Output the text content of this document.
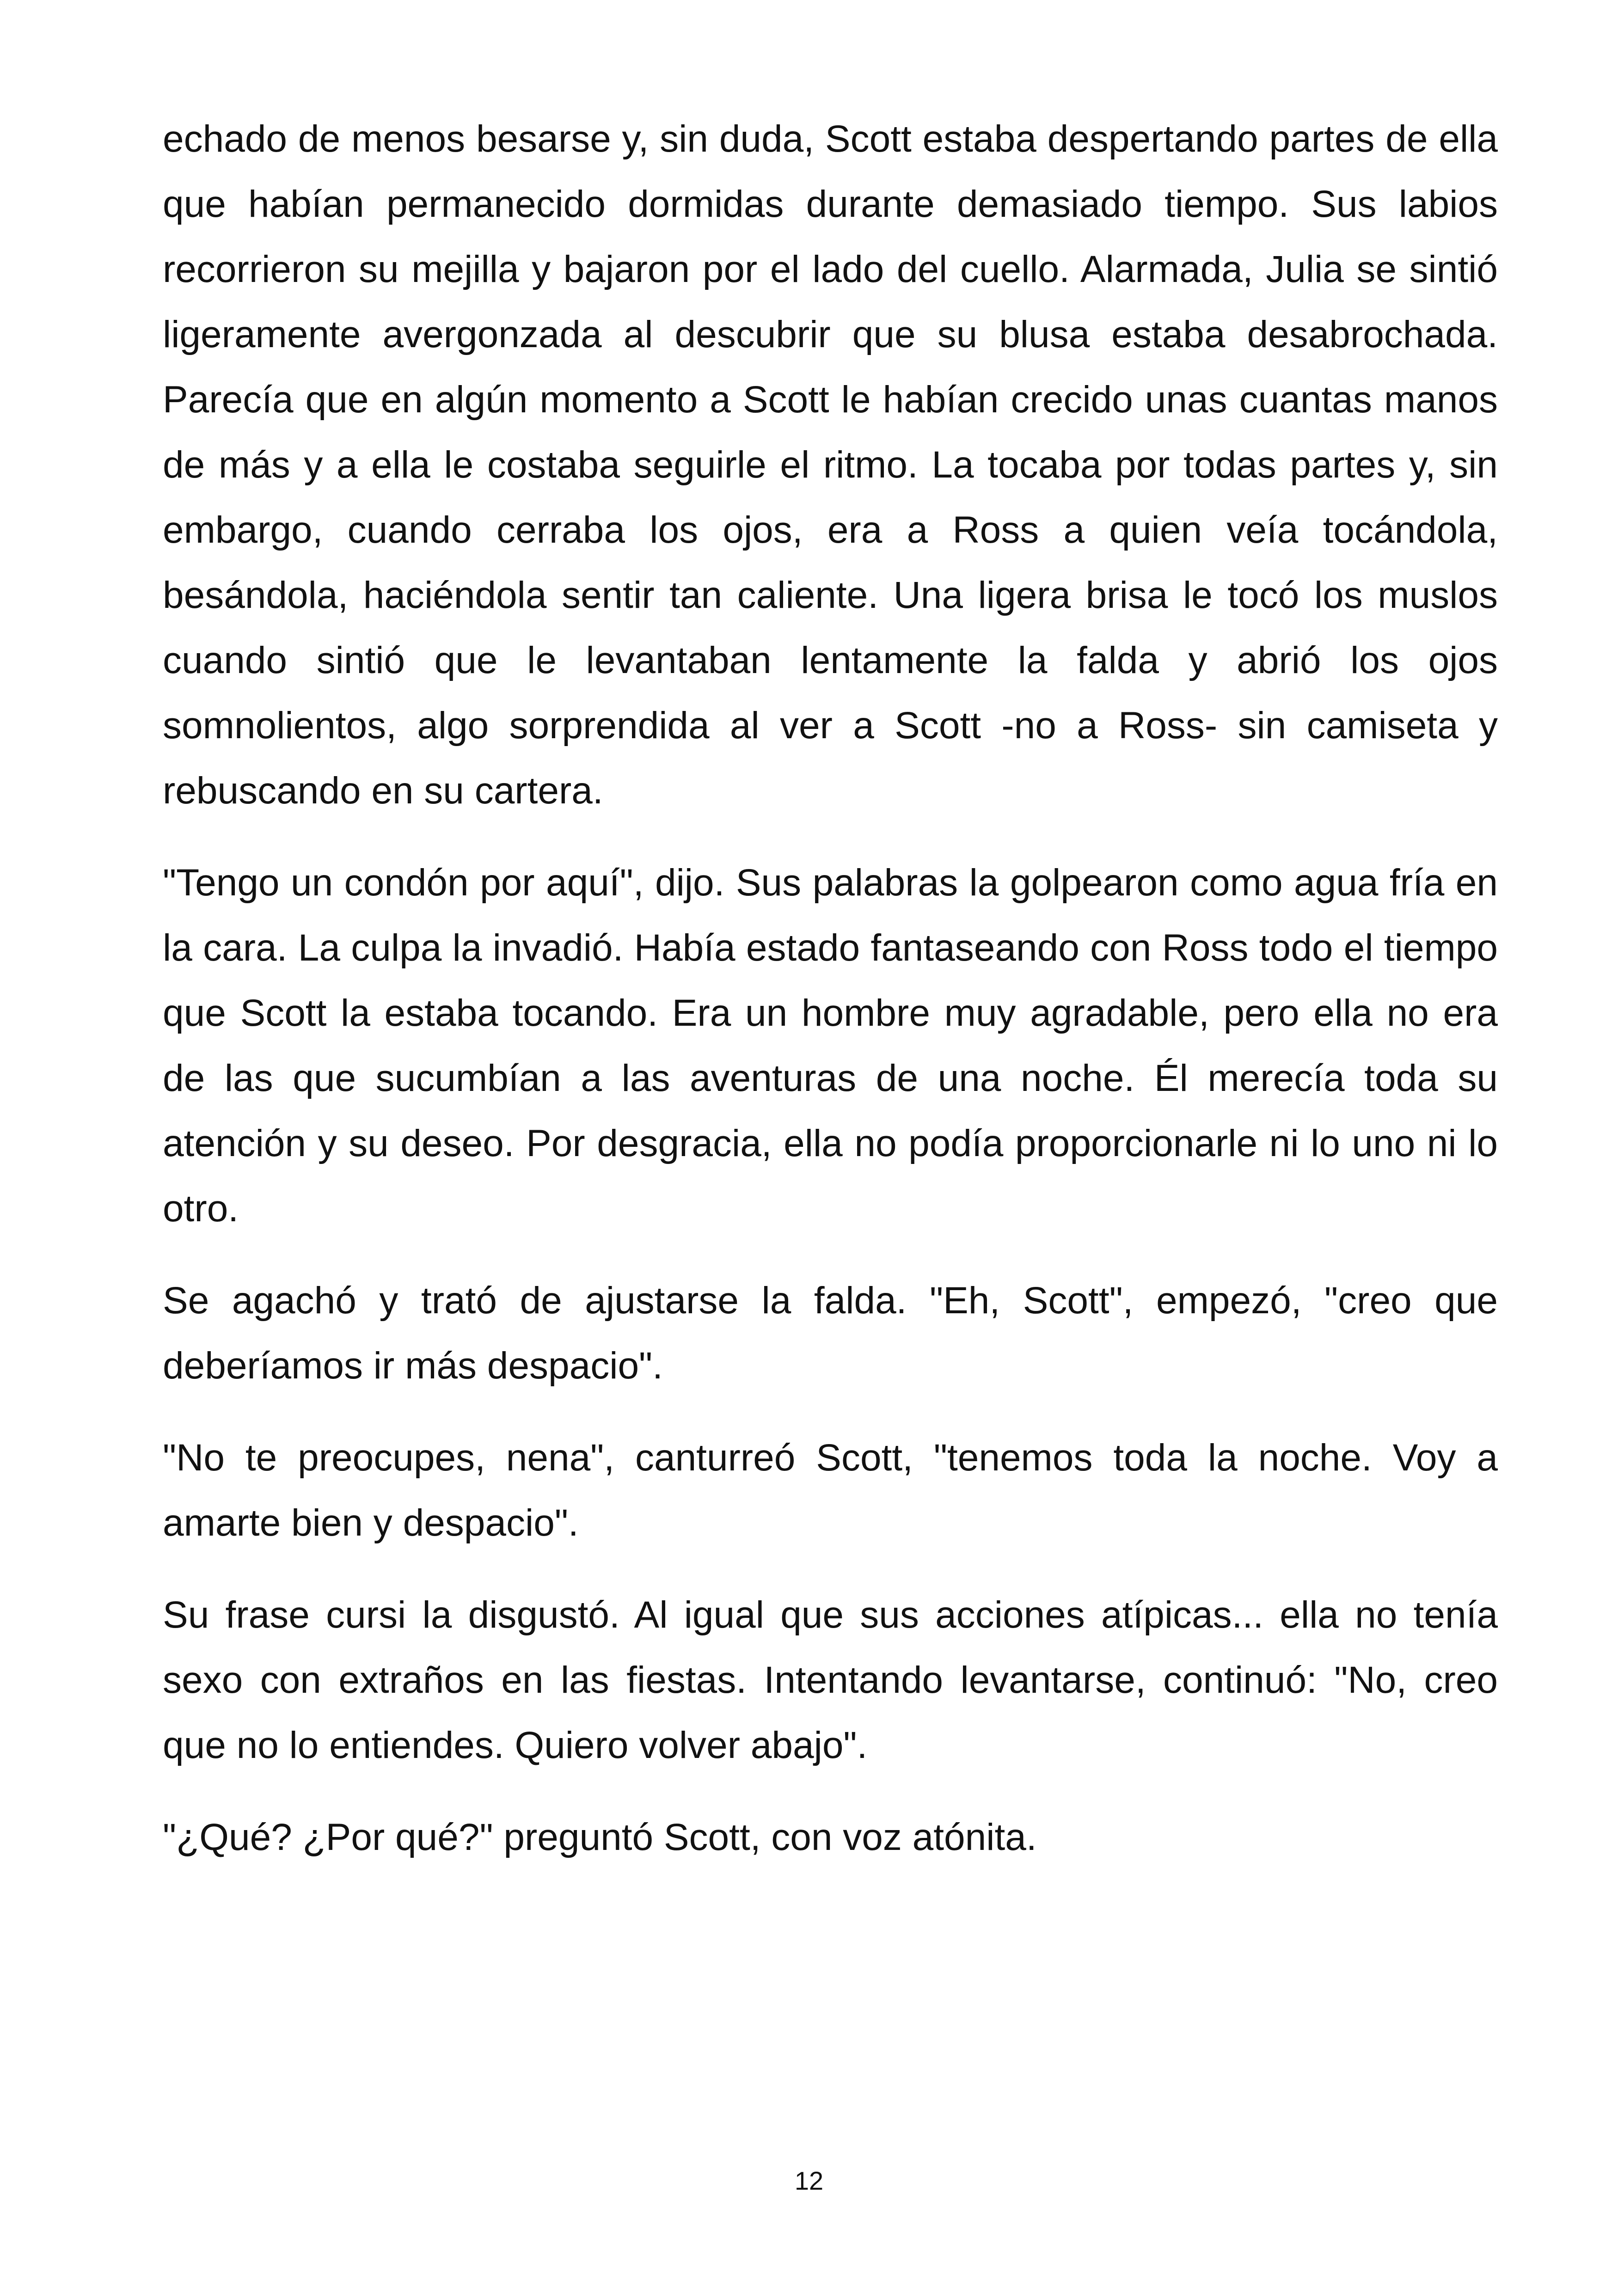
echado de menos besarse y, sin duda, Scott estaba despertando partes de ella que habían permanecido dormidas durante demasiado tiempo. Sus labios recorrieron su mejilla y bajaron por el lado del cuello. Alarmada, Julia se sintió ligeramente avergonzada al descubrir que su blusa estaba desabrochada. Parecía que en algún momento a Scott le habían crecido unas cuantas manos de más y a ella le costaba seguirle el ritmo. La tocaba por todas partes y, sin embargo, cuando cerraba los ojos, era a Ross a quien veía tocándola, besándola, haciéndola sentir tan caliente. Una ligera brisa le tocó los muslos cuando sintió que le levantaban lentamente la falda y abrió los ojos somnolientos, algo sorprendida al ver a Scott -no a Ross- sin camiseta y rebuscando en su cartera.

"Tengo un condón por aquí", dijo. Sus palabras la golpearon como agua fría en la cara. La culpa la invadió. Había estado fantaseando con Ross todo el tiempo que Scott la estaba tocando. Era un hombre muy agradable, pero ella no era de las que sucumbían a las aventuras de una noche. Él merecía toda su atención y su deseo. Por desgracia, ella no podía proporcionarle ni lo uno ni lo otro.

Se agachó y trató de ajustarse la falda. "Eh, Scott", empezó, "creo que deberíamos ir más despacio".

"No te preocupes, nena", canturreó Scott, "tenemos toda la noche. Voy a amarte bien y despacio".

Su frase cursi la disgustó. Al igual que sus acciones atípicas... ella no tenía sexo con extraños en las fiestas. Intentando levantarse, continuó: "No, creo que no lo entiendes. Quiero volver abajo".

"¿Qué? ¿Por qué?" preguntó Scott, con voz atónita.

12
